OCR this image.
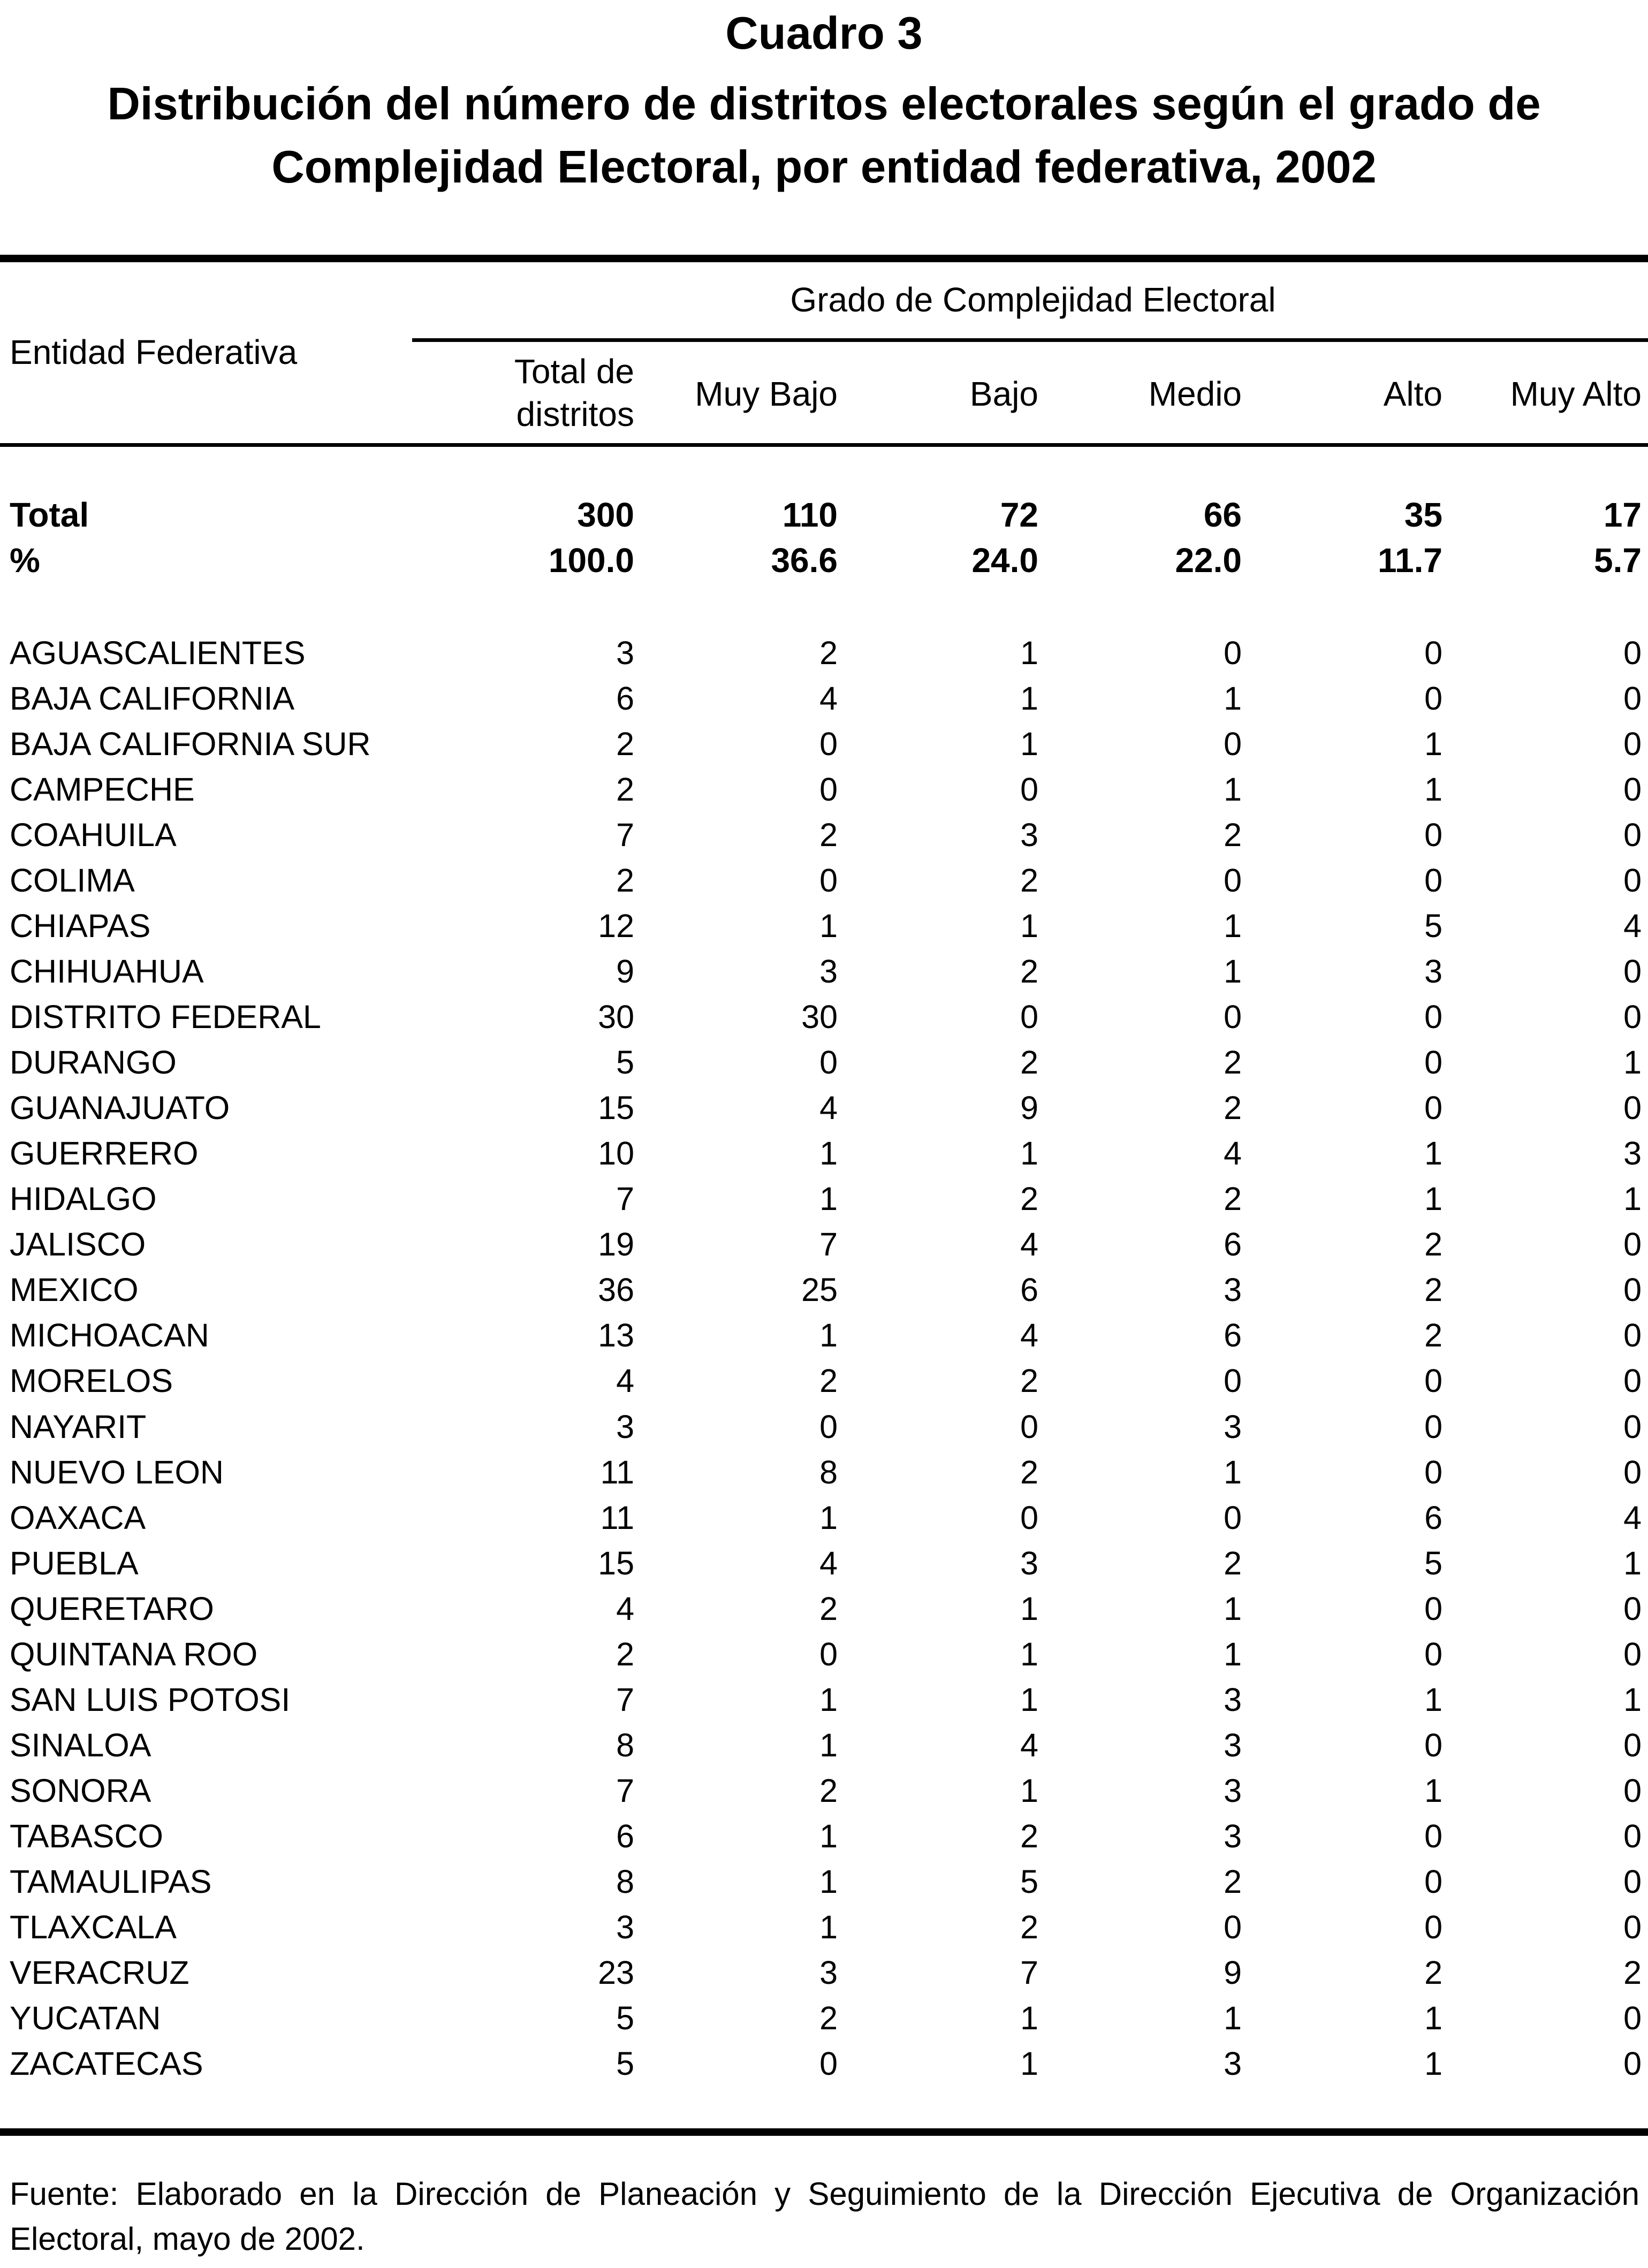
Cuadro 3
Distribución del número de distritos electorales según el grado de
Complejidad Electoral, por entidad federativa, 2002
Entidad Federativa
Grado de Complejidad Electoral
Total de
distritos
Muy Bajo	Bajo	Medio	Alto	Muy Alto
Total	300	110	72	66	35	17
%	100.0	36.6	24.0	22.0	11.7	5.7
AGUASCALIENTES	3	2	1	0	0	0
BAJA CALIFORNIA	6	4	1	1	0	0
BAJA CALIFORNIA SUR	2	0	1	0	1	0
CAMPECHE	2	0	0	1	1	0
COAHUILA	7	2	3	2	0	0
COLIMA	2	0	2	0	0	0
CHIAPAS	12	1	1	1	5	4
CHIHUAHUA	9	3	2	1	3	0
DISTRITO FEDERAL	30	30	0	0	0	0
DURANGO	5	0	2	2	0	1
GUANAJUATO	15	4	9	2	0	0
GUERRERO	10	1	1	4	1	3
HIDALGO	7	1	2	2	1	1
JALISCO	19	7	4	6	2	0
MEXICO	36	25	6	3	2	0
MICHOACAN	13	1	4	6	2	0
MORELOS	4	2	2	0	0	0
NAYARIT	3	0	0	3	0	0
NUEVO LEON	11	8	2	1	0	0
OAXACA	11	1	0	0	6	4
PUEBLA	15	4	3	2	5	1
QUERETARO	4	2	1	1	0	0
QUINTANA ROO	2	0	1	1	0	0
SAN LUIS POTOSI	7	1	1	3	1	1
SINALOA	8	1	4	3	0	0
SONORA	7	2	1	3	1	0
TABASCO	6	1	2	3	0	0
TAMAULIPAS	8	1	5	2	0	0
TLAXCALA	3	1	2	0	0	0
VERACRUZ	23	3	7	9	2	2
YUCATAN	5	2	1	1	1	0
ZACATECAS	5	0	1	3	1	0
Fuente: Elaborado en la Dirección de Planeación y Seguimiento de la Dirección Ejecutiva de Organización Electoral, mayo de 2002.
